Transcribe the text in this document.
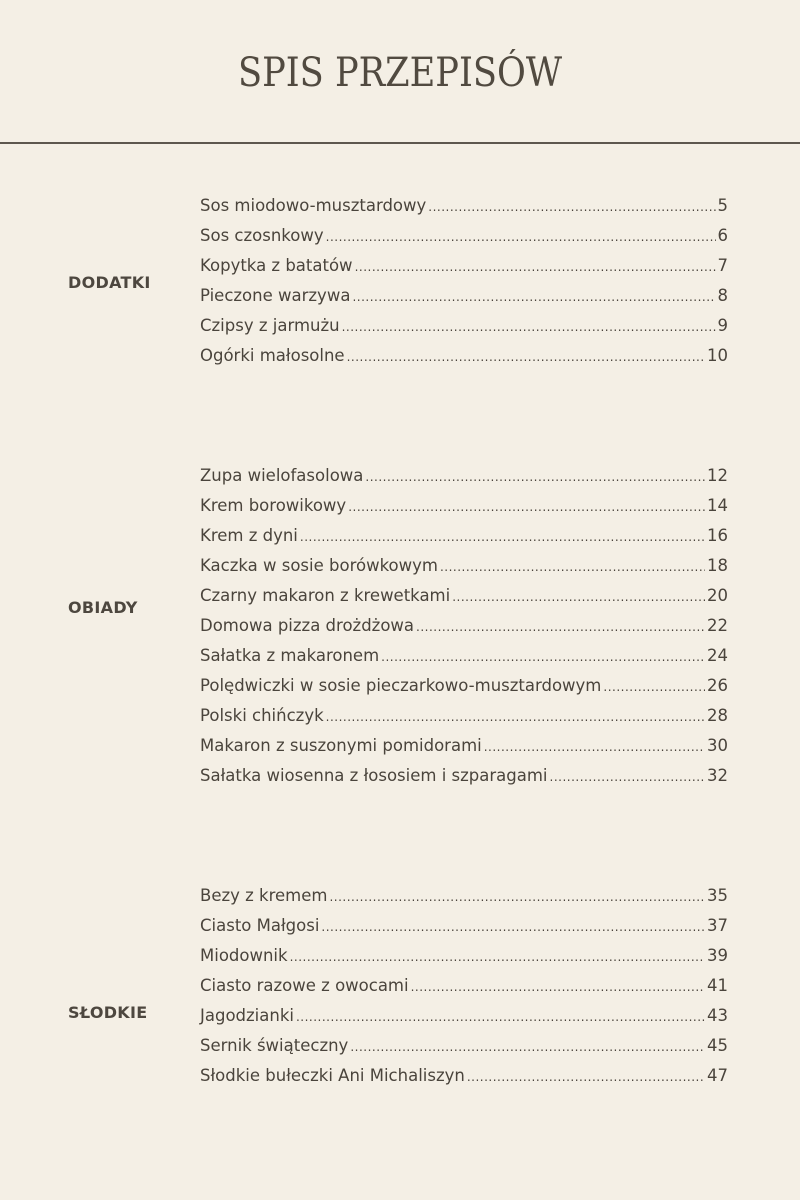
SPIS PRZEPISÓW
DODATKI
Sos miodowo-musztardowy .....	5
Sos czosnkowy .....	6
Kopytka z batatów .....	7
Pieczone warzywa .....	8
Czipsy z jarmużu .....	9
Ogórki małosolne .....	10
OBIADY
Zupa wielofasolowa .....	12
Krem borowikowy .....	14
Krem z dyni .....	16
Kaczka w sosie borówkowym .....	18
Czarny makaron z krewetkami .....	20
Domowa pizza drożdżowa .....	22
Sałatka z makaronem .....	24
Polędwiczki w sosie pieczarkowo-musztardowym .....	26
Polski chińczyk .....	28
Makaron z suszonymi pomidorami .....	30
Sałatka wiosenna z łososiem i szparagami .....	32
SŁODKIE
Bezy z kremem .....	35
Ciasto Małgosi .....	37
Miodownik .....	39
Ciasto razowe z owocami .....	41
Jagodzianki .....	43
Sernik świąteczny .....	45
Słodkie bułeczki Ani Michaliszyn .....	47
